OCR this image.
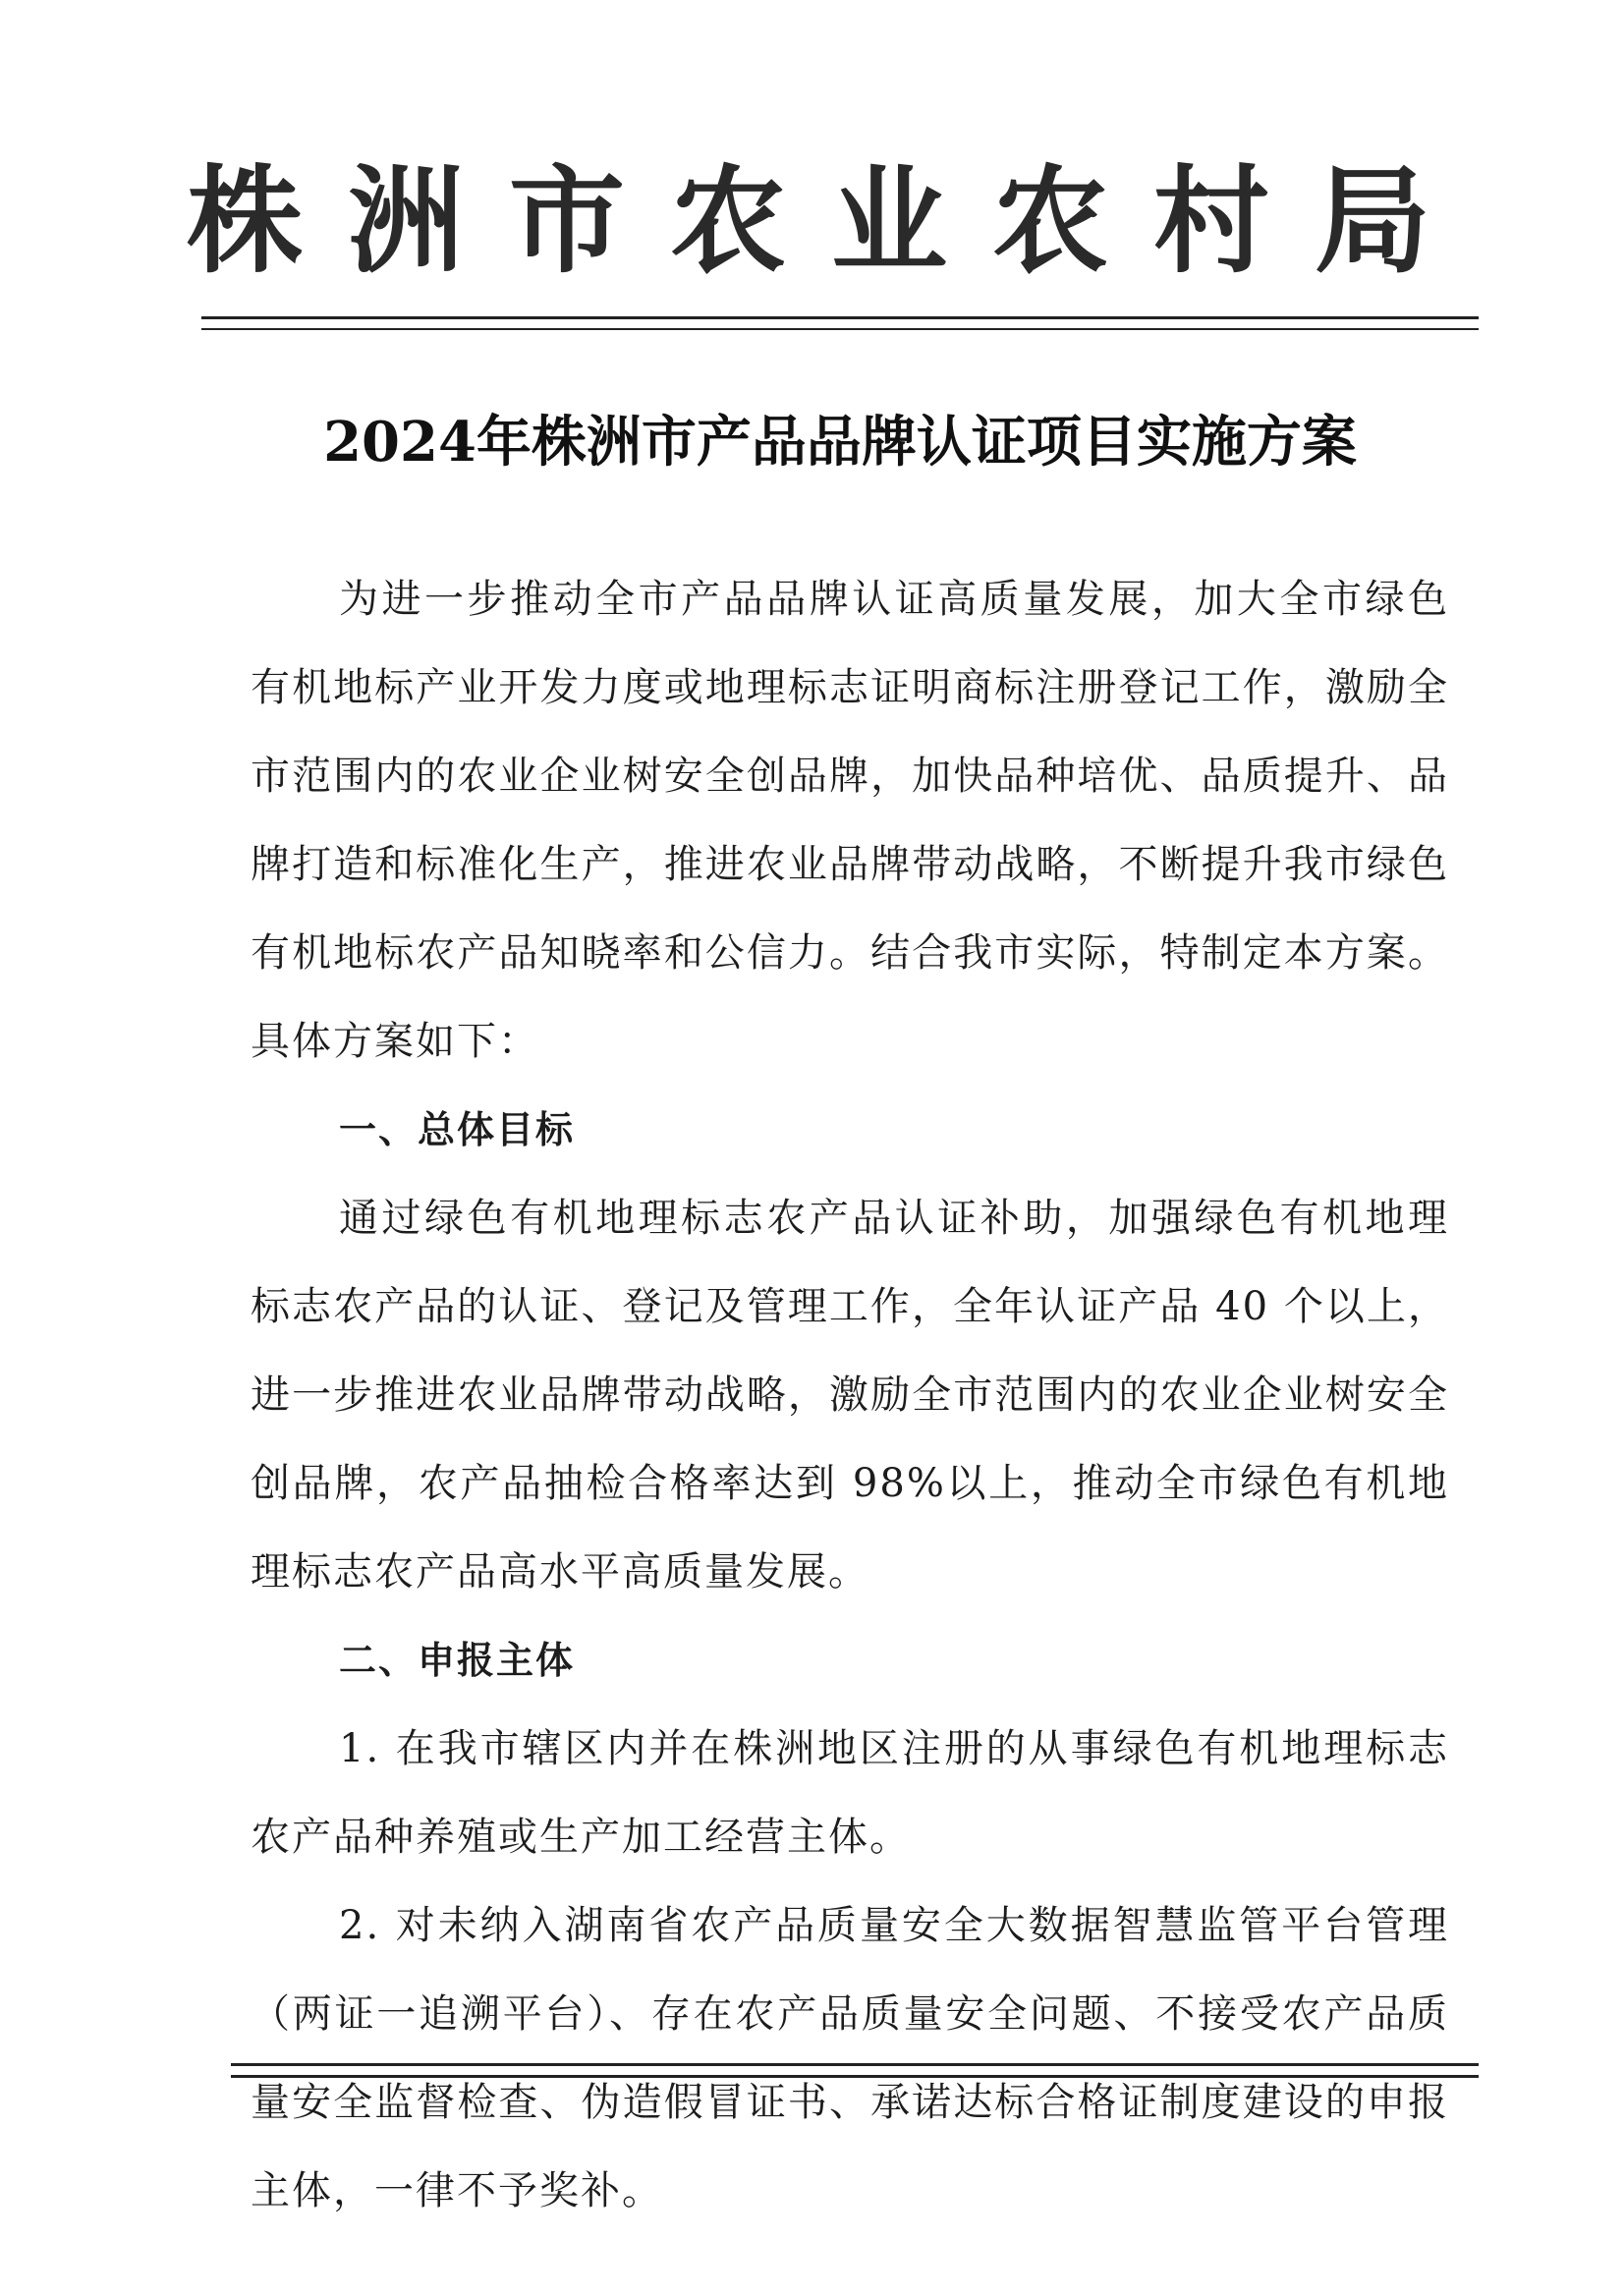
株洲市农业农村局
2024年株洲市产品品牌认证项目实施方案

为进一步推动全市产品品牌认证高质量发展，加大全市绿色有机地标产业开发力度或地理标志证明商标注册登记工作，激励全市范围内的农业企业树安全创品牌，加快品种培优、品质提升、品牌打造和标准化生产，推进农业品牌带动战略，不断提升我市绿色有机地标农产品知晓率和公信力。结合我市实际，特制定本方案。具体方案如下：

一、总体目标

通过绿色有机地理标志农产品认证补助，加强绿色有机地理标志农产品的认证、登记及管理工作，全年认证产品 40 个以上，进一步推进农业品牌带动战略，激励全市范围内的农业企业树安全创品牌，农产品抽检合格率达到 98%以上，推动全市绿色有机地理标志农产品高水平高质量发展。

二、申报主体

1. 在我市辖区内并在株洲地区注册的从事绿色有机地理标志农产品种养殖或生产加工经营主体。

2. 对未纳入湖南省农产品质量安全大数据智慧监管平台管理（两证一追溯平台）、存在农产品质量安全问题、不接受农产品质量安全监督检查、伪造假冒证书、承诺达标合格证制度建设的申报主体，一律不予奖补。
